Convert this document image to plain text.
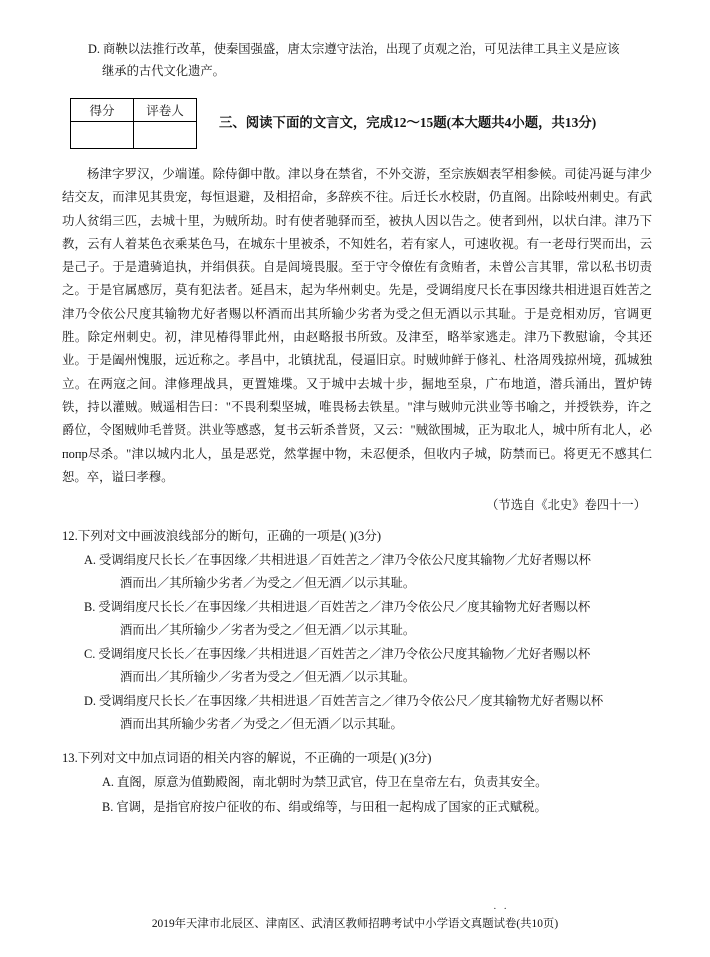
D. 商鞅以法推行改革，使秦国强盛，唐太宗遵守法治，出现了贞观之治，可见法律工具主义是应该
继承的古代文化遗产。
得分	评卷人

三、阅读下面的文言文，完成12～15题(本大题共4小题，共13分)
杨津字罗汉，少端谨。除侍御中散。津以身在禁省，不外交游，至宗族姻表罕相参候。司徒冯诞与津少结交友，而津见其贵宠，每恒退避，及相招命，多辞疾不往。后迁长水校尉，仍直阁。出除岐州刺史。有武功人贫绢三匹，去城十里，为贼所劫。时有使者驰驿而至，被执人因以告之。使者到州，以状白津。津乃下教，云有人着某色衣乘某色马，在城东十里被杀，不知姓名，若有家人，可速收视。有一老母行哭而出，云是己子。于是遣骑追执，并绢俱获。自是闾境畏服。至于守令僚佐有贪贿者，未曾公言其罪，常以私书切责之。于是官属感厉，莫有犯法者。延昌末，起为华州刺史。先是，受调绢度尺长在事因缘共相进退百姓苦之津乃令依公尺度其输物尤好者赐以杯酒而出其所输少劣者为受之但无酒以示其耻。于是竞相劝厉，官调更胜。除定州刺史。初，津见椿得罪此州，由赵略报书所致。及津至，略举家逃走。津乃下教慰谕，令其还业。于是阖州愧服，远近称之。孝昌中，北镇扰乱，侵逼旧京。时贼帅鲜于修礼、杜洛周残掠州境，孤城独立。在两寇之间。津修理战具，更置雉堞。又于城中去城十步，掘地至泉，广布地道，潜兵涌出，置炉铸铁，持以灌贼。贼遥相告曰："不畏利梨坚城，唯畏杨去铁星。"津与贼帅元洪业等书喻之，并授铁券，许之爵位，令图贼帅毛普贤。洪业等感惑，复书云斩杀普贤，又云："贼欲围城，正为取北人，城中所有北人，必попр尽杀。"津以城内北人，虽是恶党，然掌握中物，未忍便杀，但收内子城，防禁而已。将更无不感其仁恕。卒，谥曰孝穆。
（节选自《北史》卷四十一）
12.下列对文中画波浪线部分的断句，正确的一项是( )(3分)
A. 受调绢度尺长长／在事因缘／共相进退／百姓苦之／津乃令依公尺度其输物／尤好者赐以杯
酒而出／其所输少劣者／为受之／但无酒／以示其耻。
B. 受调绢度尺长长／在事因缘／共相进退／百姓苦之／津乃令依公尺／度其输物尤好者赐以杯
酒而出／其所输少／劣者为受之／但无酒／以示其耻。
C. 受调绢度尺长长／在事因缘／共相进退／百姓苦之／津乃令依公尺度其输物／尤好者赐以杯
酒而出／其所输少／劣者为受之／但无酒／以示其耻。
D. 受调绢度尺长长／在事因缘／共相进退／百姓苦言之／律乃令依公尺／度其输物尤好者赐以杯
酒而出其所输少劣者／为受之／但无酒／以示其耻。
13.下列对文中加点词语的相关内容的解说，不正确的一项是( )(3分)
A. 直阁，原意为值勤殿阁，南北朝时为禁卫武官，侍卫在皇帝左右，负责其安全。
B. 官调，是指官府按户征收的布、绢或绵等，与田租一起构成了国家的正式赋税。
· ·
2019年天津市北辰区、津南区、武清区教师招聘考试中小学语文真题试卷(共10页)
